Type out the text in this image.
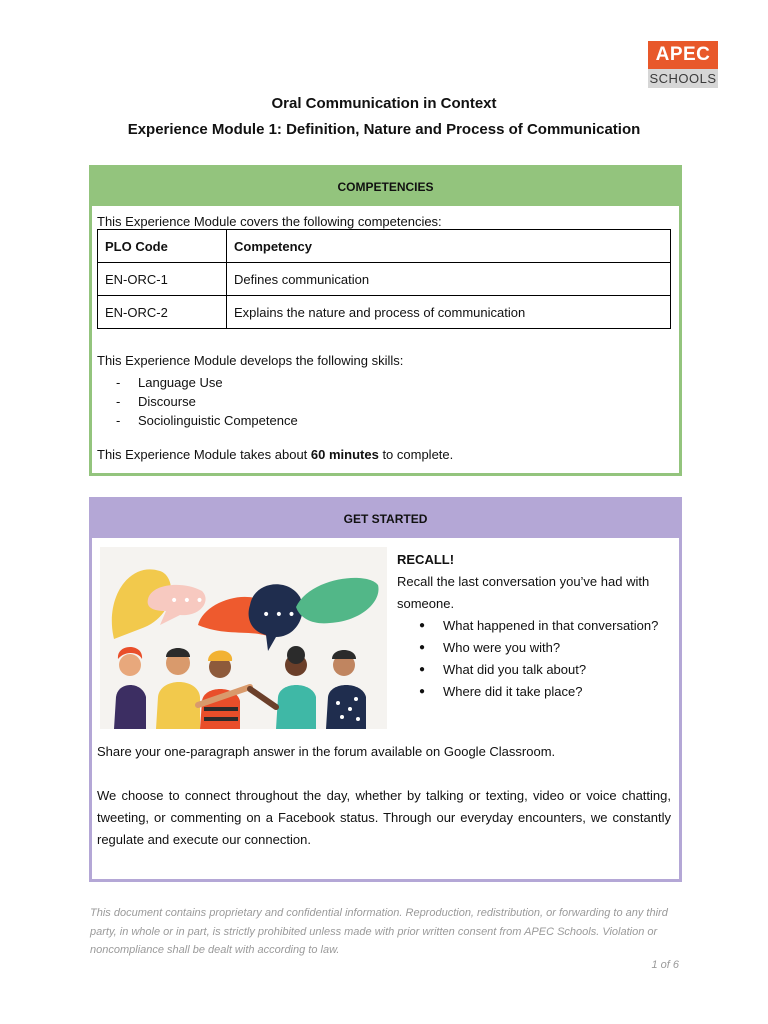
APEC
SCHOOLS
Oral Communication in Context
Experience Module 1: Definition, Nature and Process of Communication
COMPETENCIES
This Experience Module covers the following competencies:
PLO Code	Competency
EN-ORC-1	Defines communication
EN-ORC-2	Explains the nature and process of communication
This Experience Module develops the following skills:
- Language Use
- Discourse
- Sociolinguistic Competence
This Experience Module takes about 60 minutes to complete.
GET STARTED
• • •
• • •
RECALL!
Recall the last conversation you’ve had with someone.
● What happened in that conversation?
● Who were you with?
● What did you talk about?
● Where did it take place?
Share your one-paragraph answer in the forum available on Google Classroom.
We choose to connect throughout the day, whether by talking or texting, video or voice chatting, tweeting, or commenting on a Facebook status. Through our everyday encounters, we constantly regulate and execute our connection.
This document contains proprietary and confidential information. Reproduction, redistribution, or forwarding to any third party, in whole or in part, is strictly prohibited unless made with prior written consent from APEC Schools. Violation or noncompliance shall be dealt with according to law.
1 of 6
